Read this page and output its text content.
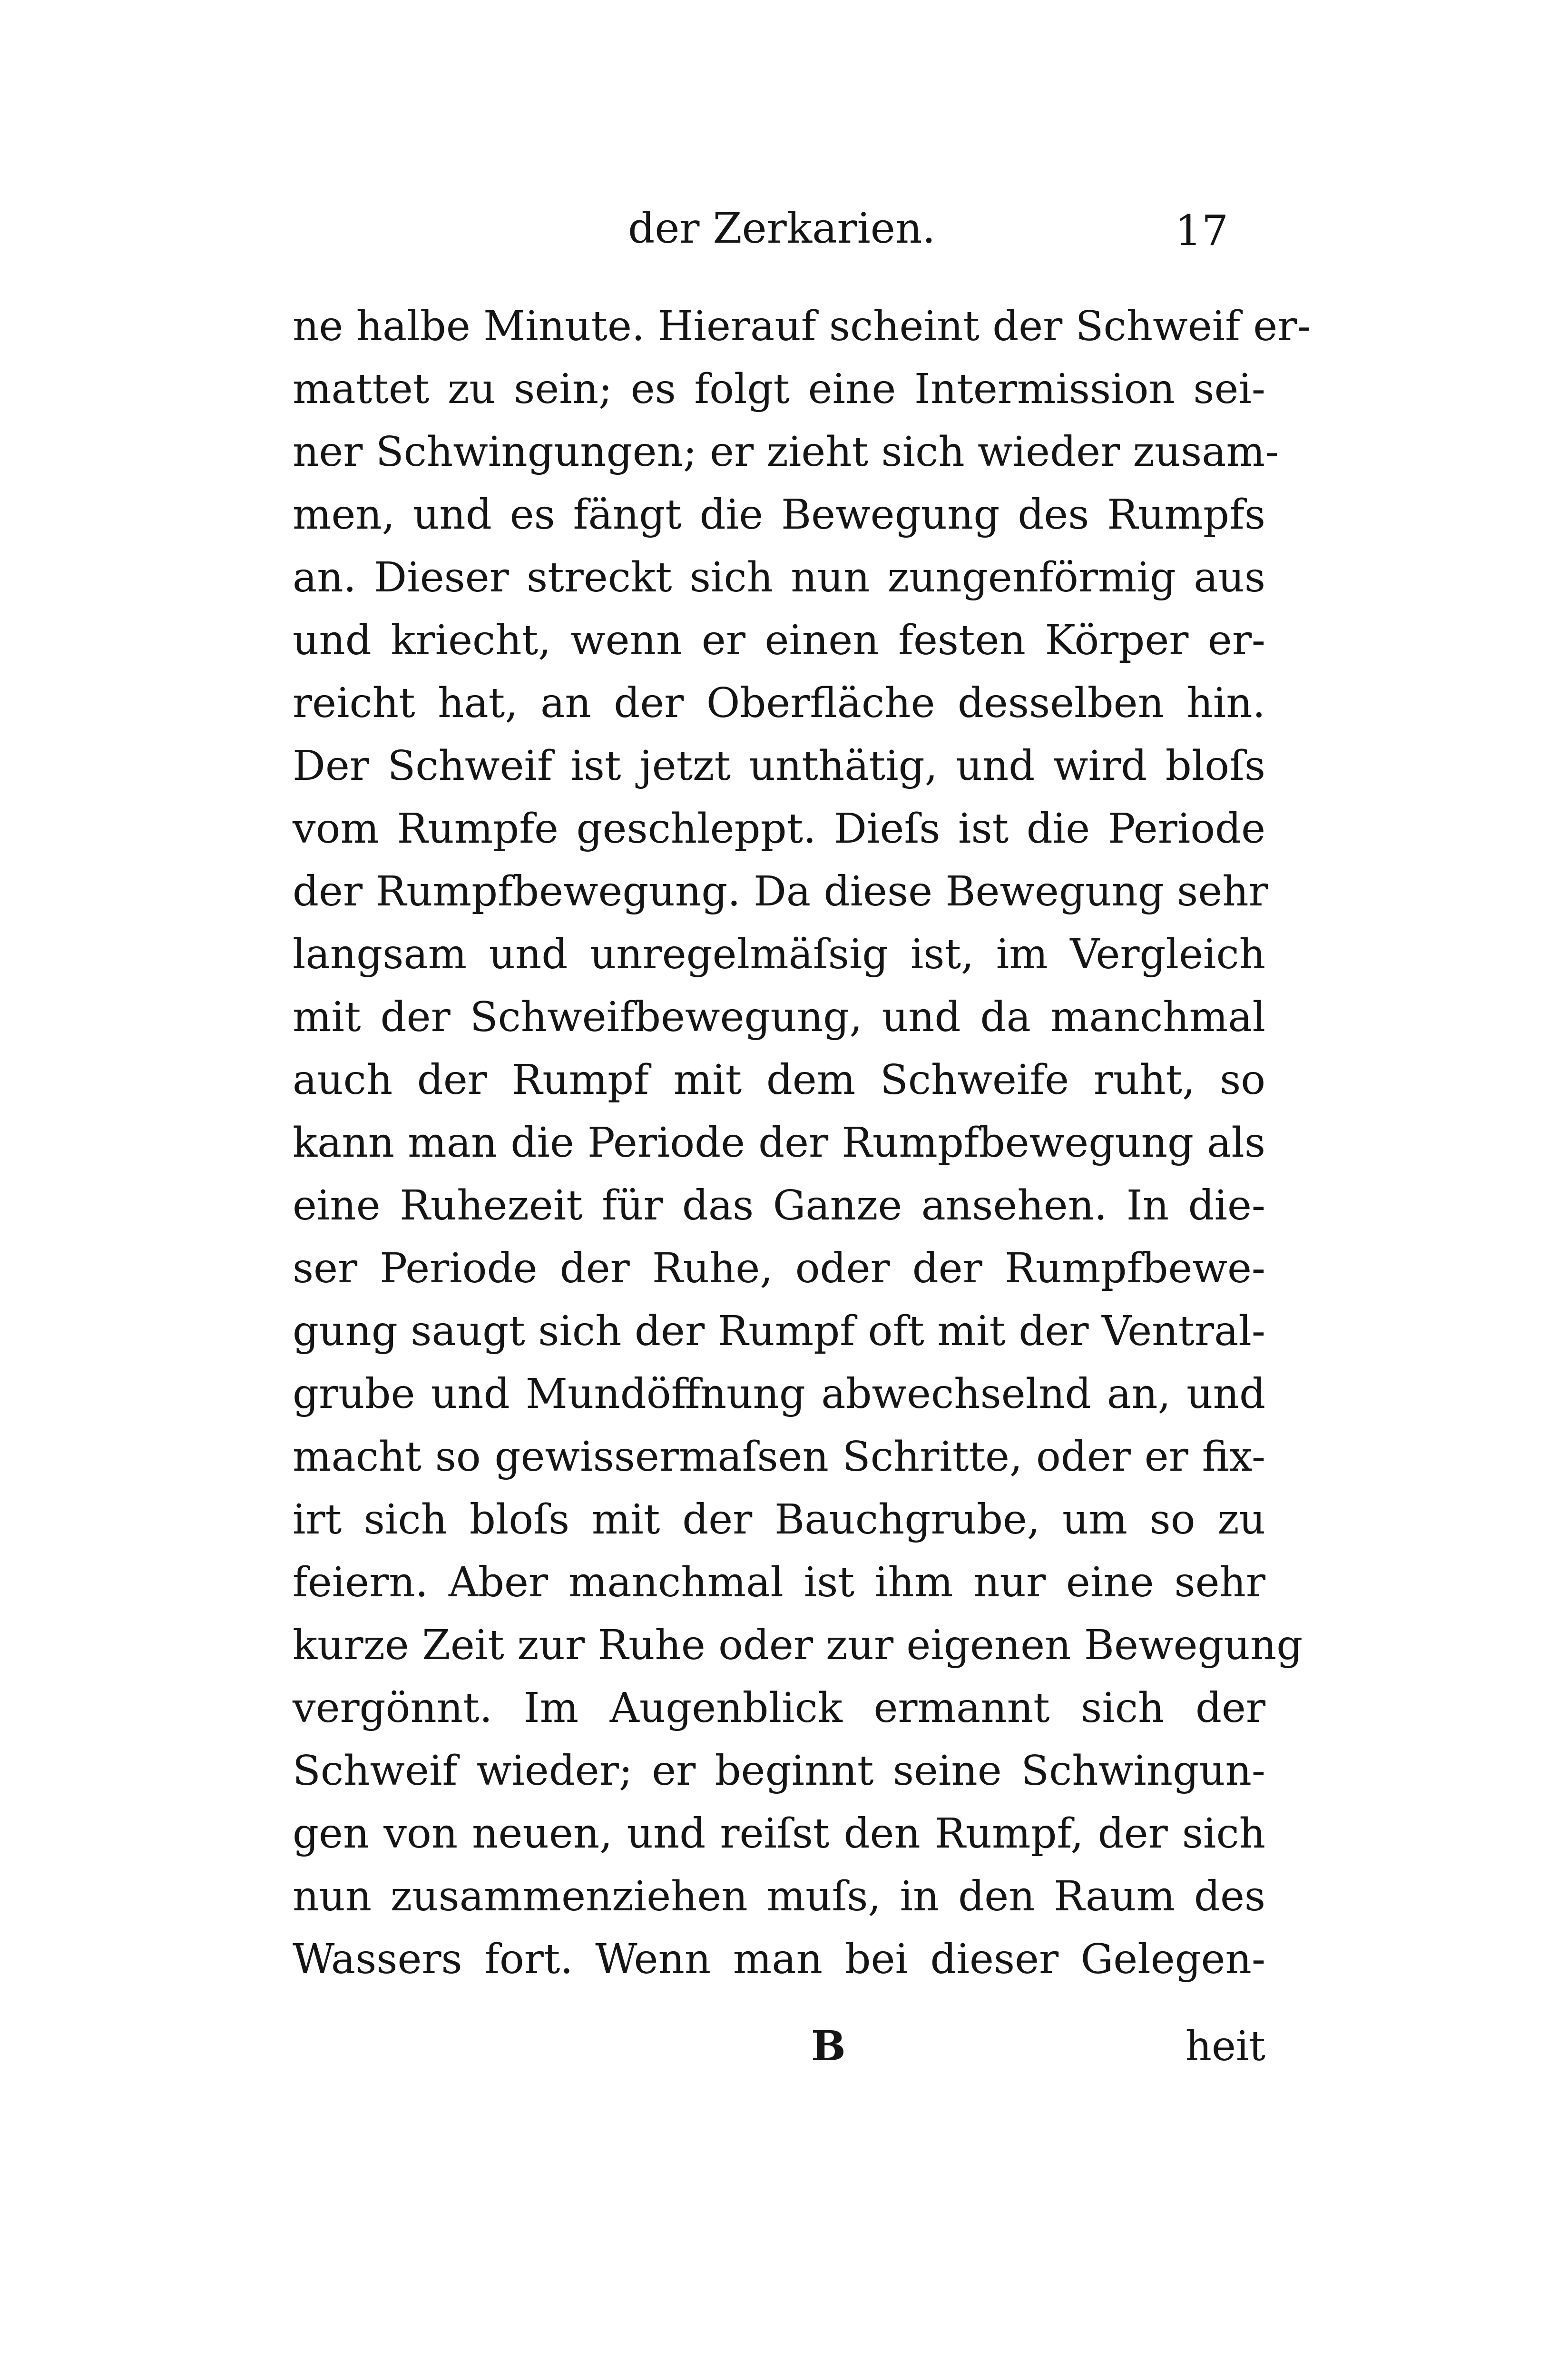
der Zerkarien.	17
ne halbe Minute. Hierauf scheint der Schweif er-
mattet zu sein; es folgt eine Intermission sei-
ner Schwingungen; er zieht sich wieder zusam-
men, und es fängt die Bewegung des Rumpfs
an. Dieser streckt sich nun zungenförmig aus
und kriecht, wenn er einen festen Körper er-
reicht hat, an der Oberfläche desselben hin.
Der Schweif ist jetzt unthätig, und wird bloſs
vom Rumpfe geschleppt. Dieſs ist die Periode
der Rumpfbewegung. Da diese Bewegung sehr
langsam und unregelmäſsig ist, im Vergleich
mit der Schweifbewegung, und da manchmal
auch der Rumpf mit dem Schweife ruht, so
kann man die Periode der Rumpfbewegung als
eine Ruhezeit für das Ganze ansehen. In die-
ser Periode der Ruhe, oder der Rumpfbewe-
gung saugt sich der Rumpf oft mit der Ventral-
grube und Mundöffnung abwechselnd an, und
macht so gewissermaſsen Schritte, oder er fix-
irt sich bloſs mit der Bauchgrube, um so zu
feiern. Aber manchmal ist ihm nur eine sehr
kurze Zeit zur Ruhe oder zur eigenen Bewegung
vergönnt. Im Augenblick ermannt sich der
Schweif wieder; er beginnt seine Schwingun-
gen von neuen, und reiſst den Rumpf, der sich
nun zusammenziehen muſs, in den Raum des
Wassers fort. Wenn man bei dieser Gelegen-
B	heit
